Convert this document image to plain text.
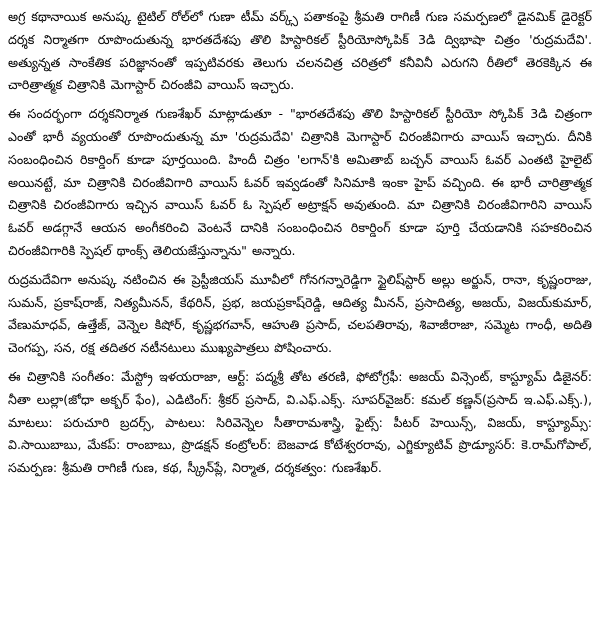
అగ్ర కథానాయిక అనుష్క టైటిల్ రోల్‌లో గుణా టీమ్ వర్క్స్ పతాకంపై శ్రీమతి రాగిణీ గుణ సమర్పణలో డైనమిక్ డైరెక్టర్ దర్శక నిర్మాతగా రూపొందుతున్న భారతదేశపు తొలి హిస్టారికల్ స్టీరియోస్కోపిక్ 3డి ద్విభాషా చిత్రం 'రుద్రమదేవి'. అత్యున్నత సాంకేతిక పరిజ్ఞానంతో ఇప్పటివరకు తెలుగు చలనచిత్ర చరిత్రలో కనీవినీ ఎరుగని రీతిలో తెరకెక్కిన ఈ చారిత్రాత్మక చిత్రానికి మెగాస్టార్ చిరంజీవి వాయిస్ ఇచ్చారు.

ఈ సందర్భంగా దర్శకనిర్మాత గుణశేఖర్ మాట్లాడుతూ - "భారతదేశపు తొలి హిస్టారికల్ స్టీరియో స్కోపిక్ 3డి చిత్రంగా ఎంతో భారీ వ్యయంతో రూపొందుతున్న మా 'రుద్రమదేవి' చిత్రానికి మెగాస్టార్ చిరంజీవిగారు వాయిస్ ఇచ్చారు. దీనికి సంబంధించిన రికార్డింగ్ కూడా పూర్తయింది. హిందీ చిత్రం 'లగాన్'కి అమితాబ్ బచ్చన్ వాయిస్ ఓవర్ ఎంతటి హైలైట్ అయినట్టే, మా చిత్రానికి చిరంజీవిగారి వాయిస్ ఓవర్ ఇవ్వడంతో సినిమాకి ఇంకా హైప్ వచ్చింది. ఈ భారీ చారిత్రాత్మక చిత్రానికి చిరంజీవిగారు ఇచ్చిన వాయిస్ ఓవర్ ఓ స్పెషల్ అట్రాక్షన్ అవుతుంది. మా చిత్రానికి చిరంజీవిగారిని వాయిస్ ఓవర్ అడగ్గానే ఆయన అంగీకరించి వెంటనే దానికి సంబంధించిన రికార్డింగ్ కూడా పూర్తి చేయడానికి సహకరించిన చిరంజీవిగారికి స్పెషల్ థాంక్స్ తెలియజేస్తున్నాను" అన్నారు.

రుద్రమదేవిగా అనుష్క నటించిన ఈ ప్రెస్టీజియస్ మూవీలో గోనగన్నారెడ్డిగా స్టైలిష్‌స్టార్ అల్లు అర్జున్, రానా, కృష్ణంరాజు, సుమన్, ప్రకాష్‌రాజ్, నిత్యమీనన్, కేథరిన్, ప్రభ, జయప్రకాష్‌రెడ్డి, ఆదిత్య మీనన్, ప్రసాదిత్య, అజయ్, విజయ్‌కుమార్, వేణుమాధవ్, ఉత్తేజ్, వెన్నెల కిషోర్, కృష్ణభగవాన్, ఆహుతి ప్రసాద్, చలపతిరావు, శివాజీరాజా, సమ్మెట గాంధీ, అదితి చెంగప్ప, సన, రక్ష తదితర నటీనటులు ముఖ్యపాత్రలు పోషించారు.

ఈ చిత్రానికి సంగీతం: మేస్ట్రో ఇళయరాజా, ఆర్ట్: పద్మశ్రీ తోట తరణి, ఫోటోగ్రఫీ: అజయ్ విన్సెంట్, కాస్ట్యూమ్ డిజైనర్: నీతా లుల్లా(జోధా అక్బర్ ఫేం), ఎడిటింగ్: శ్రీకర్ ప్రసాద్, వి.ఎఫ్.ఎక్స్. సూపర్‌వైజర్: కమల్ కణ్ణన్(ప్రసాద్ ఇ.ఎఫ్.ఎక్స్.), మాటలు: పరుచూరి బ్రదర్స్, పాటలు: సిరివెన్నెల సీతారామశాస్త్రి, ఫైట్స్: పీటర్ హెయిన్స్, విజయ్, కాస్ట్యూమ్స్: వి.సాయిబాబు, మేకప్: రాంబాబు, ప్రొడక్షన్ కంట్రోలర్: బెజవాడ కోటేశ్వరరావు, ఎగ్జిక్యూటివ్ ప్రొడ్యూసర్: కె.రామ్‌గోపాల్, సమర్పణ: శ్రీమతి రాగిణీ గుణ, కథ, స్క్రీన్‌ప్లే, నిర్మాత, దర్శకత్వం: గుణశేఖర్.
